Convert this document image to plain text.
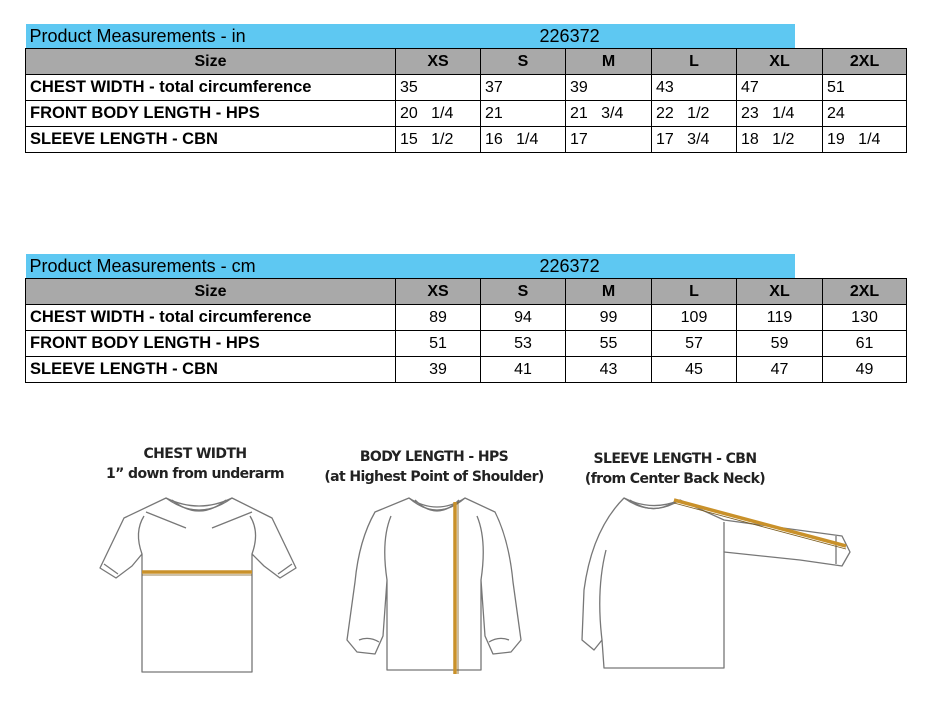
Product Measurements - in	226372
Size	XS	S	M	L	XL	2XL
CHEST WIDTH - total circumference	35	37	39	43	47	51
FRONT BODY LENGTH - HPS	20   1/4	21	21   3/4	22   1/2	23   1/4	24
SLEEVE LENGTH - CBN	15   1/2	16   1/4	17	17   3/4	18   1/2	19   1/4
Product Measurements - cm	226372
Size	XS	S	M	L	XL	2XL
CHEST WIDTH - total circumference	89	94	99	109	119	130
FRONT BODY LENGTH - HPS	51	53	55	57	59	61
SLEEVE LENGTH - CBN	39	41	43	45	47	49
CHEST WIDTH
1” down from underarm
BODY LENGTH - HPS
(at Highest Point of Shoulder)
SLEEVE LENGTH - CBN
(from Center Back Neck)
